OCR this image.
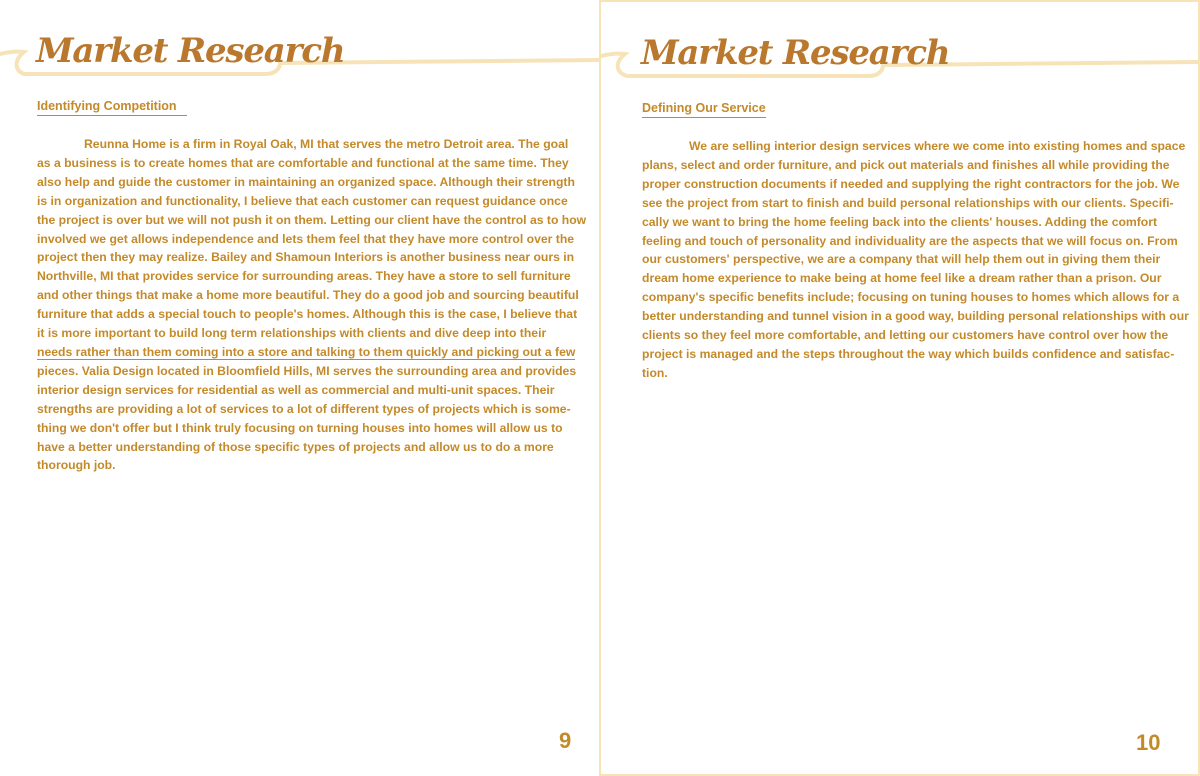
Market Research
Identifying Competition

Reunna Home is a firm in Royal Oak, MI that serves the metro Detroit area. The goal
as a business is to create homes that are comfortable and functional at the same time. They
also help and guide the customer in maintaining an organized space. Although their strength
is in organization and functionality, I believe that each customer can request guidance once
the project is over but we will not push it on them. Letting our client have the control as to how
involved we get allows independence and lets them feel that they have more control over the
project then they may realize. Bailey and Shamoun Interiors is another business near ours in
Northville, MI that provides service for surrounding areas. They have a store to sell furniture
and other things that make a home more beautiful. They do a good job and sourcing beautiful
furniture that adds a special touch to people's homes. Although this is the case, I believe that
it is more important to build long term relationships with clients and dive deep into their
needs rather than them coming into a store and talking to them quickly and picking out a few
pieces. Valia Design located in Bloomfield Hills, MI serves the surrounding area and provides
interior design services for residential as well as commercial and multi-unit spaces. Their
strengths are providing a lot of services to a lot of different types of projects which is some-
thing we don't offer but I think truly focusing on turning houses into homes will allow us to
have a better understanding of those specific types of projects and allow us to do a more
thorough job.

9
Market Research
Defining Our Service

We are selling interior design services where we come into existing homes and space
plans, select and order furniture, and pick out materials and finishes all while providing the
proper construction documents if needed and supplying the right contractors for the job. We
see the project from start to finish and build personal relationships with our clients. Specifi-
cally we want to bring the home feeling back into the clients' houses. Adding the comfort
feeling and touch of personality and individuality are the aspects that we will focus on. From
our customers' perspective, we are a company that will help them out in giving them their
dream home experience to make being at home feel like a dream rather than a prison. Our
company's specific benefits include; focusing on tuning houses to homes which allows for a
better understanding and tunnel vision in a good way, building personal relationships with our
clients so they feel more comfortable, and letting our customers have control over how the
project is managed and the steps throughout the way which builds confidence and satisfac-
tion.

10
